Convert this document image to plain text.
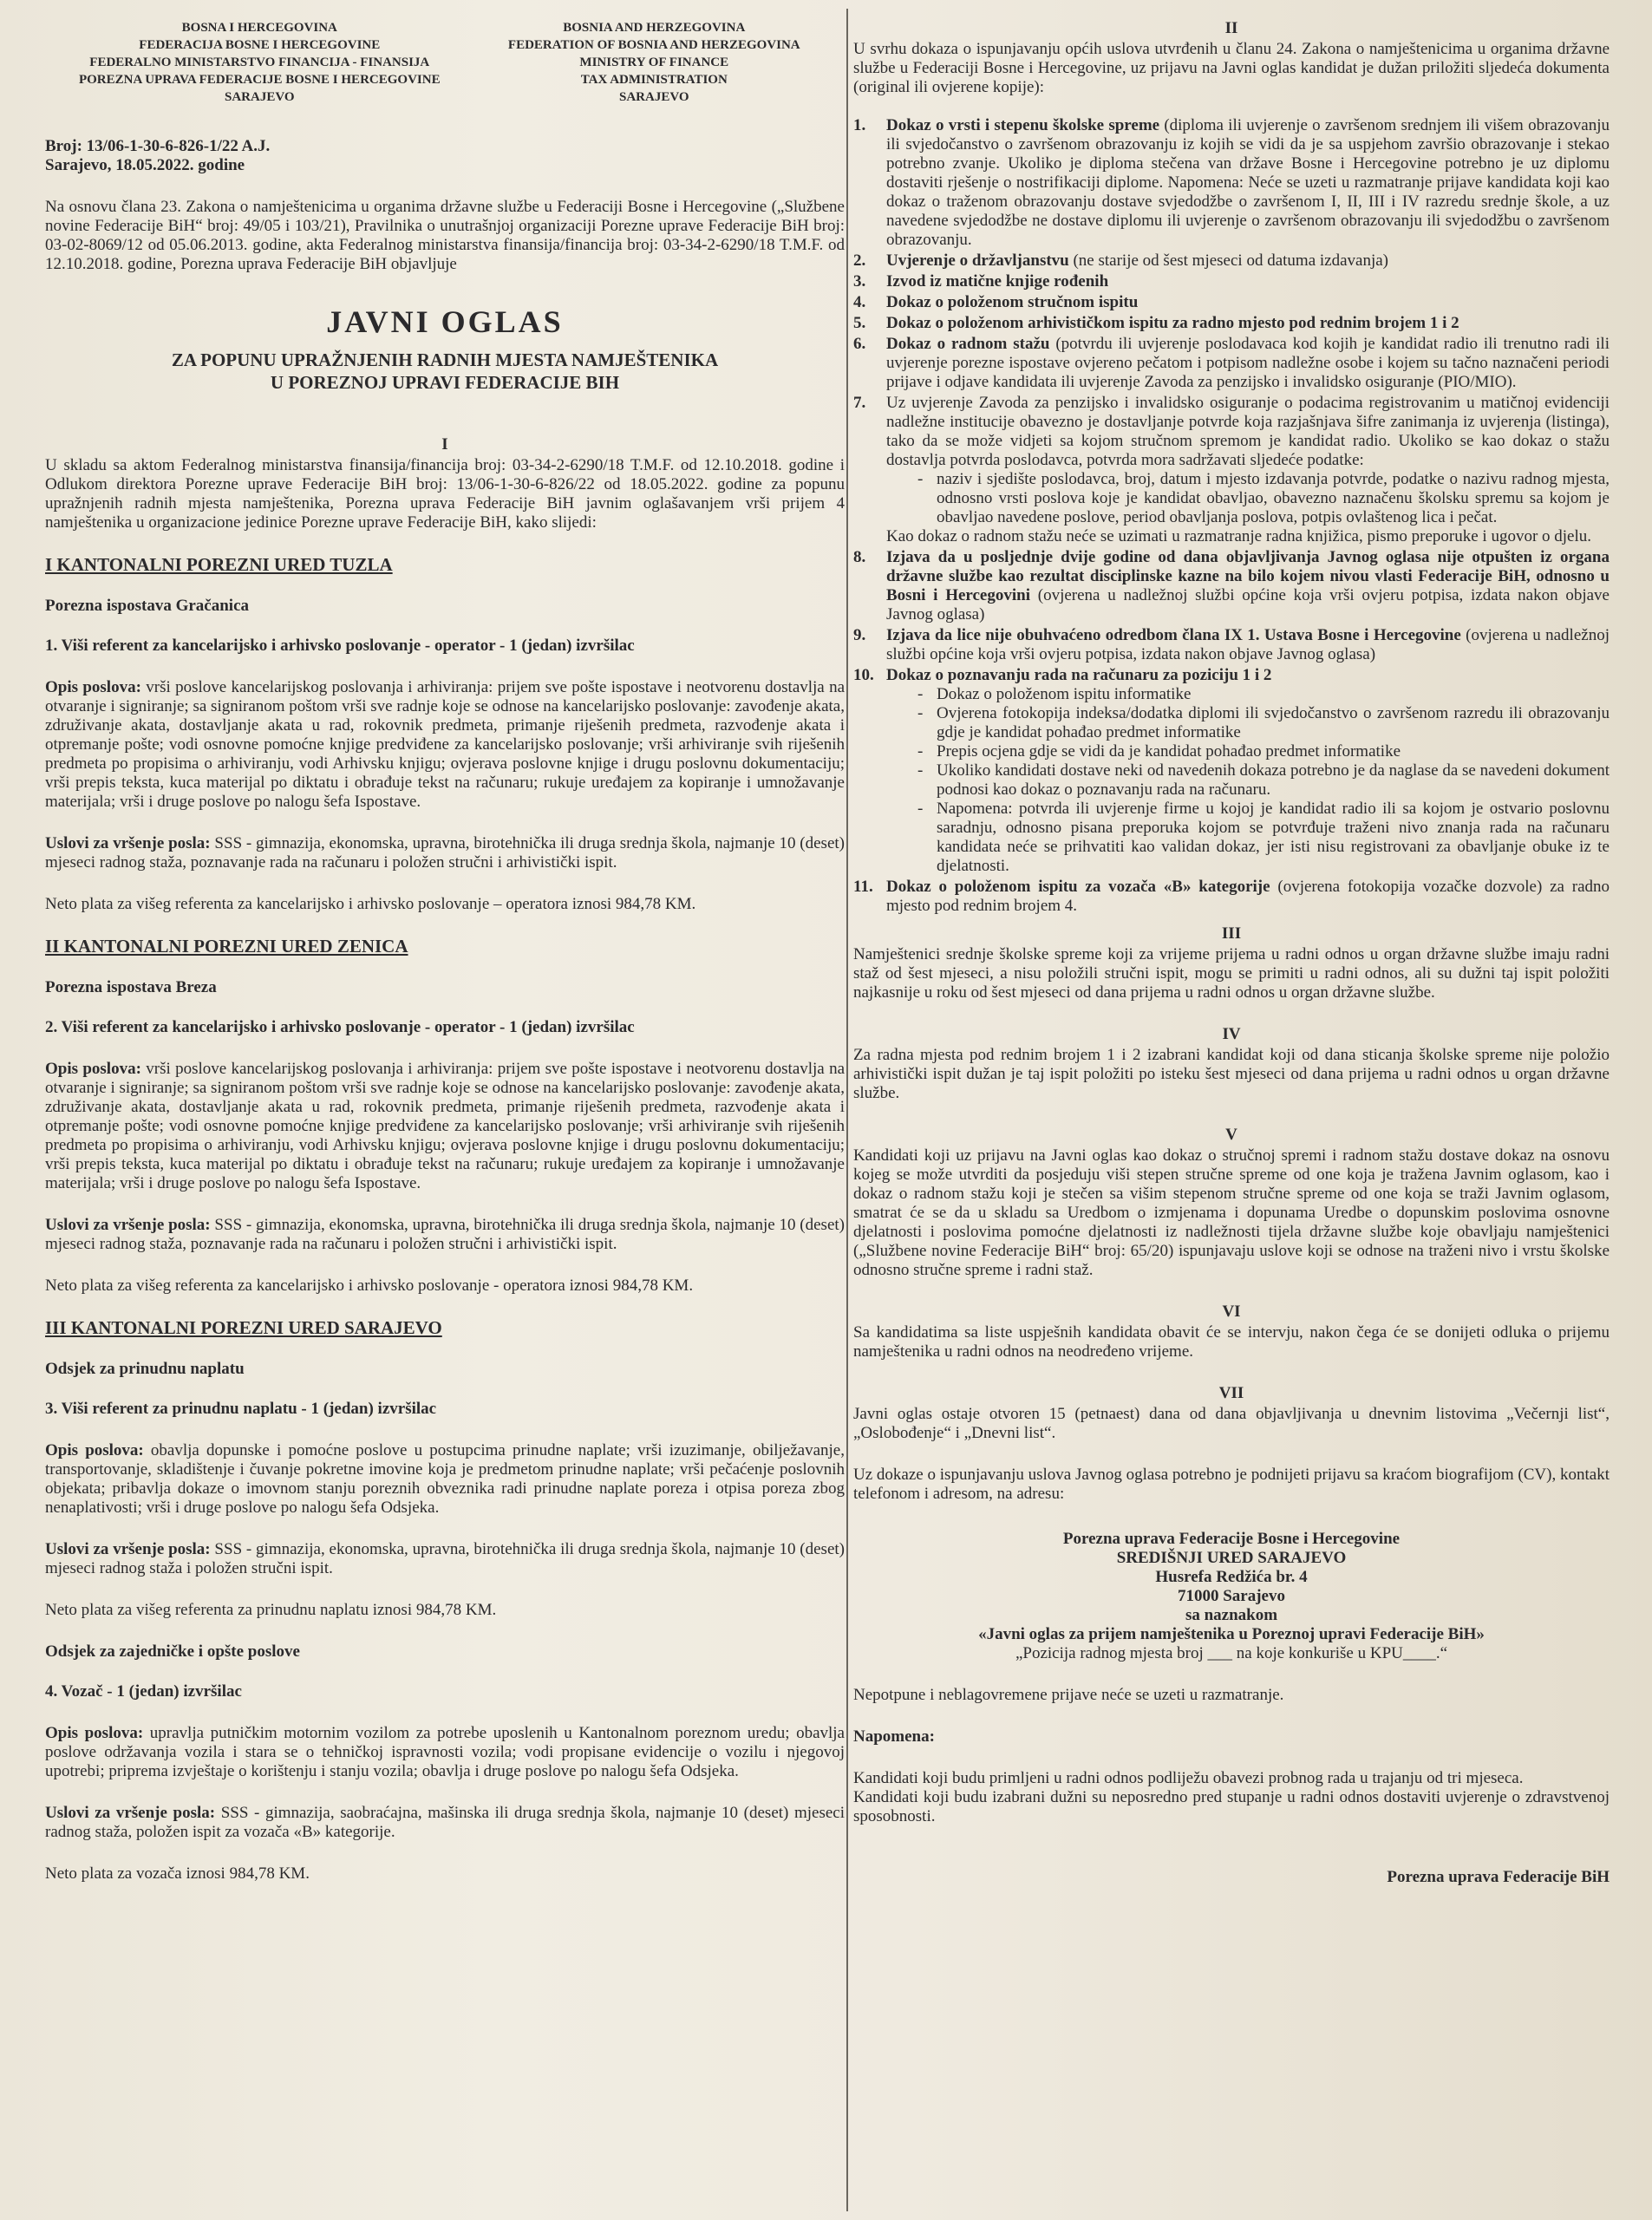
BOSNA I HERCEGOVINA
FEDERACIJA BOSNE I HERCEGOVINE
FEDERALNO MINISTARSTVO FINANCIJA - FINANSIJA
POREZNA UPRAVA FEDERACIJE BOSNE I HERCEGOVINE
SARAJEVO
BOSNIA AND HERZEGOVINA
FEDERATION OF BOSNIA AND HERZEGOVINA
MINISTRY OF FINANCE
TAX ADMINISTRATION
SARAJEVO
Broj: 13/06-1-30-6-826-1/22 A.J.
Sarajevo, 18.05.2022. godine
Na osnovu člana 23. Zakona o namještenicima u organima državne službe u Federaciji Bosne i Hercegovine („Službene novine Federacije BiH“ broj: 49/05 i 103/21), Pravilnika o unutrašnjoj organizaciji Porezne uprave Federacije BiH broj: 03-02-8069/12 od 05.06.2013. godine, akta Federalnog ministarstva finansija/financija broj: 03-34-2-6290/18 T.M.F. od 12.10.2018. godine, Porezna uprava Federacije BiH objavljuje
JAVNI OGLAS
ZA POPUNU UPRAŽNJENIH RADNIH MJESTA NAMJEŠTENIKA
U POREZNOJ UPRAVI FEDERACIJE BIH
I
U skladu sa aktom Federalnog ministarstva finansija/financija broj: 03-34-2-6290/18 T.M.F. od 12.10.2018. godine i Odlukom direktora Porezne uprave Federacije BiH broj: 13/06-1-30-6-826/22 od 18.05.2022. godine za popunu upražnjenih radnih mjesta namještenika, Porezna uprava Federacije BiH javnim oglašavanjem vrši prijem 4 namještenika u organizacione jedinice Porezne uprave Federacije BiH, kako slijedi:
I KANTONALNI POREZNI URED TUZLA
Porezna ispostava Gračanica
1. Viši referent za kancelarijsko i arhivsko poslovanje - operator - 1 (jedan) izvršilac
Opis poslova: vrši poslove kancelarijskog poslovanja i arhiviranja: prijem sve pošte ispostave i neotvorenu dostavlja na otvaranje i signiranje; sa signiranom poštom vrši sve radnje koje se odnose na kancelarijsko poslovanje: zavođenje akata, združivanje akata, dostavljanje akata u rad, rokovnik predmeta, primanje riješenih predmeta, razvođenje akata i otpremanje pošte; vodi osnovne pomoćne knjige predviđene za kancelarijsko poslovanje; vrši arhiviranje svih riješenih predmeta po propisima o arhiviranju, vodi Arhivsku knjigu; ovjerava poslovne knjige i drugu poslovnu dokumentaciju; vrši prepis teksta, kuca materijal po diktatu i obrađuje tekst na računaru; rukuje uređajem za kopiranje i umnožavanje materijala; vrši i druge poslove po nalogu šefa Ispostave.
Uslovi za vršenje posla: SSS - gimnazija, ekonomska, upravna, birotehnička ili druga srednja škola, najmanje 10 (deset) mjeseci radnog staža, poznavanje rada na računaru i položen stručni i arhivistički ispit.
Neto plata za višeg referenta za kancelarijsko i arhivsko poslovanje – operatora iznosi 984,78 KM.
II KANTONALNI POREZNI URED ZENICA
Porezna ispostava Breza
2. Viši referent za kancelarijsko i arhivsko poslovanje - operator - 1 (jedan) izvršilac
Opis poslova: vrši poslove kancelarijskog poslovanja i arhiviranja: prijem sve pošte ispostave i neotvorenu dostavlja na otvaranje i signiranje; sa signiranom poštom vrši sve radnje koje se odnose na kancelarijsko poslovanje: zavođenje akata, združivanje akata, dostavljanje akata u rad, rokovnik predmeta, primanje riješenih predmeta, razvođenje akata i otpremanje pošte; vodi osnovne pomoćne knjige predviđene za kancelarijsko poslovanje; vrši arhiviranje svih riješenih predmeta po propisima o arhiviranju, vodi Arhivsku knjigu; ovjerava poslovne knjige i drugu poslovnu dokumentaciju; vrši prepis teksta, kuca materijal po diktatu i obrađuje tekst na računaru; rukuje uređajem za kopiranje i umnožavanje materijala; vrši i druge poslove po nalogu šefa Ispostave.
Uslovi za vršenje posla: SSS - gimnazija, ekonomska, upravna, birotehnička ili druga srednja škola, najmanje 10 (deset) mjeseci radnog staža, poznavanje rada na računaru i položen stručni i arhivistički ispit.
Neto plata za višeg referenta za kancelarijsko i arhivsko poslovanje - operatora iznosi 984,78 KM.
III KANTONALNI POREZNI URED SARAJEVO
Odsjek za prinudnu naplatu
3. Viši referent za prinudnu naplatu - 1 (jedan) izvršilac
Opis poslova: obavlja dopunske i pomoćne poslove u postupcima prinudne naplate; vrši izuzimanje, obilježavanje, transportovanje, skladištenje i čuvanje pokretne imovine koja je predmetom prinudne naplate; vrši pečaćenje poslovnih objekata; pribavlja dokaze o imovnom stanju poreznih obveznika radi prinudne naplate poreza i otpisa poreza zbog nenaplativosti; vrši i druge poslove po nalogu šefa Odsjeka.
Uslovi za vršenje posla: SSS - gimnazija, ekonomska, upravna, birotehnička ili druga srednja škola, najmanje 10 (deset) mjeseci radnog staža i položen stručni ispit.
Neto plata za višeg referenta za prinudnu naplatu iznosi 984,78 KM.
Odsjek za zajedničke i opšte poslove
4. Vozač - 1 (jedan) izvršilac
Opis poslova: upravlja putničkim motornim vozilom za potrebe uposlenih u Kantonalnom poreznom uredu; obavlja poslove održavanja vozila i stara se o tehničkoj ispravnosti vozila; vodi propisane evidencije o vozilu i njegovoj upotrebi; priprema izvještaje o korištenju i stanju vozila; obavlja i druge poslove po nalogu šefa Odsjeka.
Uslovi za vršenje posla: SSS - gimnazija, saobraćajna, mašinska ili druga srednja škola, najmanje 10 (deset) mjeseci radnog staža, položen ispit za vozača «B» kategorije.
Neto plata za vozača iznosi 984,78 KM.
II
U svrhu dokaza o ispunjavanju općih uslova utvrđenih u članu 24. Zakona o namještenicima u organima državne službe u Federaciji Bosne i Hercegovine, uz prijavu na Javni oglas kandidat je dužan priložiti sljedeća dokumenta (original ili ovjerene kopije):
1. Dokaz o vrsti i stepenu školske spreme (diploma ili uvjerenje o završenom srednjem ili višem obrazovanju ili svjedočanstvo o završenom obrazovanju iz kojih se vidi da je sa uspjehom završio obrazovanje i stekao potrebno zvanje. Ukoliko je diploma stečena van države Bosne i Hercegovine potrebno je uz diplomu dostaviti rješenje o nostrifikaciji diplome. Napomena: Neće se uzeti u razmatranje prijave kandidata koji kao dokaz o traženom obrazovanju dostave svjedodžbe o završenom I, II, III i IV razredu srednje škole, a uz navedene svjedodžbe ne dostave diplomu ili uvjerenje o završenom obrazovanju ili svjedodžbu o završenom obrazovanju.
2. Uvjerenje o državljanstvu (ne starije od šest mjeseci od datuma izdavanja)
3. Izvod iz matične knjige rođenih
4. Dokaz o položenom stručnom ispitu
5. Dokaz o položenom arhivističkom ispitu za radno mjesto pod rednim brojem 1 i 2
6. Dokaz o radnom stažu (potvrdu ili uvjerenje poslodavaca kod kojih je kandidat radio ili trenutno radi ili uvjerenje porezne ispostave ovjereno pečatom i potpisom nadležne osobe i kojem su tačno naznačeni periodi prijave i odjave kandidata ili uvjerenje Zavoda za penzijsko i invalidsko osiguranje (PIO/MIO).
7. Uz uvjerenje Zavoda za penzijsko i invalidsko osiguranje o podacima registrovanim u matičnoj evidenciji nadležne institucije obavezno je dostavljanje potvrde koja razjašnjava šifre zanimanja iz uvjerenja (listinga), tako da se može vidjeti sa kojom stručnom spremom je kandidat radio. Ukoliko se kao dokaz o stažu dostavlja potvrda poslodavca, potvrda mora sadržavati sljedeće podatke:
- naziv i sjedište poslodavca, broj, datum i mjesto izdavanja potvrde, podatke o nazivu radnog mjesta, odnosno vrsti poslova koje je kandidat obavljao, obavezno naznačenu školsku spremu sa kojom je obavljao navedene poslove, period obavljanja poslova, potpis ovlaštenog lica i pečat.
Kao dokaz o radnom stažu neće se uzimati u razmatranje radna knjižica, pismo preporuke i ugovor o djelu.
8. Izjava da u posljednje dvije godine od dana objavljivanja Javnog oglasa nije otpušten iz organa državne službe kao rezultat disciplinske kazne na bilo kojem nivou vlasti Federacije BiH, odnosno u Bosni i Hercegovini (ovjerena u nadležnoj službi općine koja vrši ovjeru potpisa, izdata nakon objave Javnog oglasa)
9. Izjava da lice nije obuhvaćeno odredbom člana IX 1. Ustava Bosne i Hercegovine (ovjerena u nadležnoj službi općine koja vrši ovjeru potpisa, izdata nakon objave Javnog oglasa)
10. Dokaz o poznavanju rada na računaru za poziciju 1 i 2
- Dokaz o položenom ispitu informatike
- Ovjerena fotokopija indeksa/dodatka diplomi ili svjedočanstvo o završenom razredu ili obrazovanju gdje je kandidat pohađao predmet informatike
- Prepis ocjena gdje se vidi da je kandidat pohađao predmet informatike
- Ukoliko kandidati dostave neki od navedenih dokaza potrebno je da naglase da se navedeni dokument podnosi kao dokaz o poznavanju rada na računaru.
- Napomena: potvrda ili uvjerenje firme u kojoj je kandidat radio ili sa kojom je ostvario poslovnu saradnju, odnosno pisana preporuka kojom se potvrđuje traženi nivo znanja rada na računaru kandidata neće se prihvatiti kao validan dokaz, jer isti nisu registrovani za obavljanje obuke iz te djelatnosti.
11. Dokaz o položenom ispitu za vozača «B» kategorije (ovjerena fotokopija vozačke dozvole) za radno mjesto pod rednim brojem 4.
III
Namještenici srednje školske spreme koji za vrijeme prijema u radni odnos u organ državne službe imaju radni staž od šest mjeseci, a nisu položili stručni ispit, mogu se primiti u radni odnos, ali su dužni taj ispit položiti najkasnije u roku od šest mjeseci od dana prijema u radni odnos u organ državne službe.
IV
Za radna mjesta pod rednim brojem 1 i 2 izabrani kandidat koji od dana sticanja školske spreme nije položio arhivistički ispit dužan je taj ispit položiti po isteku šest mjeseci od dana prijema u radni odnos u organ državne službe.
V
Kandidati koji uz prijavu na Javni oglas kao dokaz o stručnoj spremi i radnom stažu dostave dokaz na osnovu kojeg se može utvrditi da posjeduju viši stepen stručne spreme od one koja je tražena Javnim oglasom, kao i dokaz o radnom stažu koji je stečen sa višim stepenom stručne spreme od one koja se traži Javnim oglasom, smatrat će se da u skladu sa Uredbom o izmjenama i dopunama Uredbe o dopunskim poslovima osnovne djelatnosti i poslovima pomoćne djelatnosti iz nadležnosti tijela državne službe koje obavljaju namještenici („Službene novine Federacije BiH“ broj: 65/20) ispunjavaju uslove koji se odnose na traženi nivo i vrstu školske odnosno stručne spreme i radni staž.
VI
Sa kandidatima sa liste uspješnih kandidata obavit će se intervju, nakon čega će se donijeti odluka o prijemu namještenika u radni odnos na neodređeno vrijeme.
VII
Javni oglas ostaje otvoren 15 (petnaest) dana od dana objavljivanja u dnevnim listovima „Večernji list“, „Oslobođenje“ i „Dnevni list“.
Uz dokaze o ispunjavanju uslova Javnog oglasa potrebno je podnijeti prijavu sa kraćom biografijom (CV), kontakt telefonom i adresom, na adresu:
Porezna uprava Federacije Bosne i Hercegovine
SREDIŠNJI URED SARAJEVO
Husrefa Redžića br. 4
71000 Sarajevo
sa naznakom
«Javni oglas za prijem namještenika u Poreznoj upravi Federacije BiH»
„Pozicija radnog mjesta broj ___ na koje konkuriše u KPU____.“
Nepotpune i neblagovremene prijave neće se uzeti u razmatranje.
Napomena:
Kandidati koji budu primljeni u radni odnos podliježu obavezi probnog rada u trajanju od tri mjeseca.
Kandidati koji budu izabrani dužni su neposredno pred stupanje u radni odnos dostaviti uvjerenje o zdravstvenoj sposobnosti.
Porezna uprava Federacije BiH
